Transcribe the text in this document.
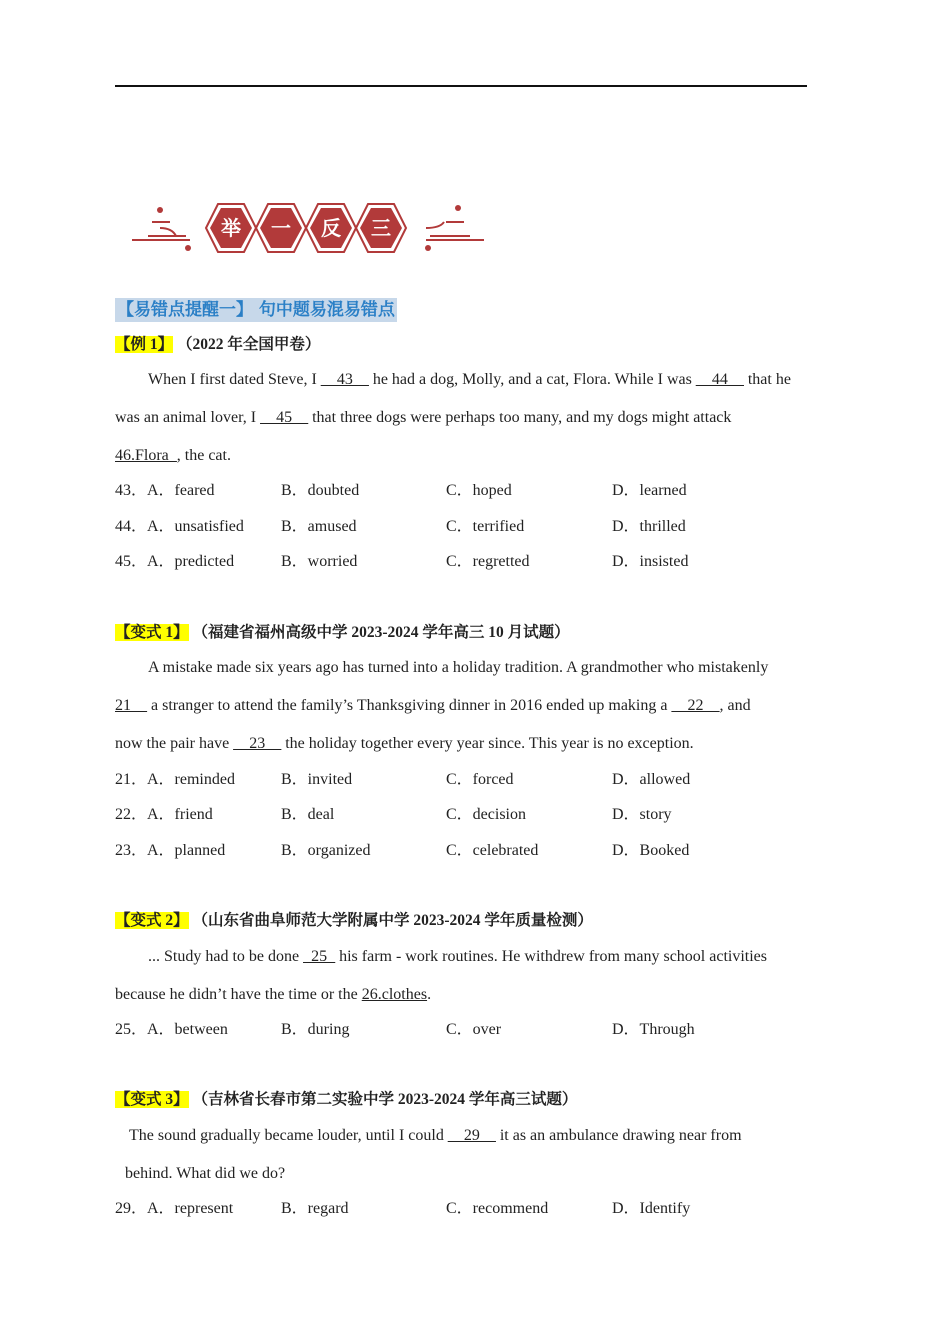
举 一 反 三
【易错点提醒一】 句中题易混易错点
【例 1】 （2022 年全国甲卷）
When I first dated Steve, I __43__ he had a dog, Molly, and a cat, Flora. While I was __44__ that he
was an animal lover, I __45__ that three dogs were perhaps too many, and my dogs might attack
46.Flora_, the cat.
43．A．feared	B．doubted	C．hoped	D．learned
44．A．unsatisfied B．amused	C．terrified	D．thrilled
45．A．predicted	B．worried	C．regretted	D．insisted
【变式 1】 （福建省福州高级中学 2023-2024 学年高三 10 月试题）
A mistake made six years ago has turned into a holiday tradition. A grandmother who mistakenly
21__ a stranger to attend the family’s Thanksgiving dinner in 2016 ended up making a __22__, and
now the pair have __23__ the holiday together every year since. This year is no exception.
21．A．reminded	B．invited	C．forced	D．allowed
22．A．friend	B．deal	C．decision	D．story
23．A．planned	B．organized	C．celebrated	D．Booked
【变式 2】 （山东省曲阜师范大学附属中学 2023-2024 学年质量检测）
... Study had to be done _25_ his farm - work routines. He withdrew from many school activities
because he didn’t have the time or the 26.clothes.
25．A．between	B．during	C．over	D．Through
【变式 3】 （吉林省长春市第二实验中学 2023-2024 学年高三试题）
The sound gradually became louder, until I could __29__ it as an ambulance drawing near from
behind. What did we do?
29．A．represent	B．regard	C．recommend	D．Identify
